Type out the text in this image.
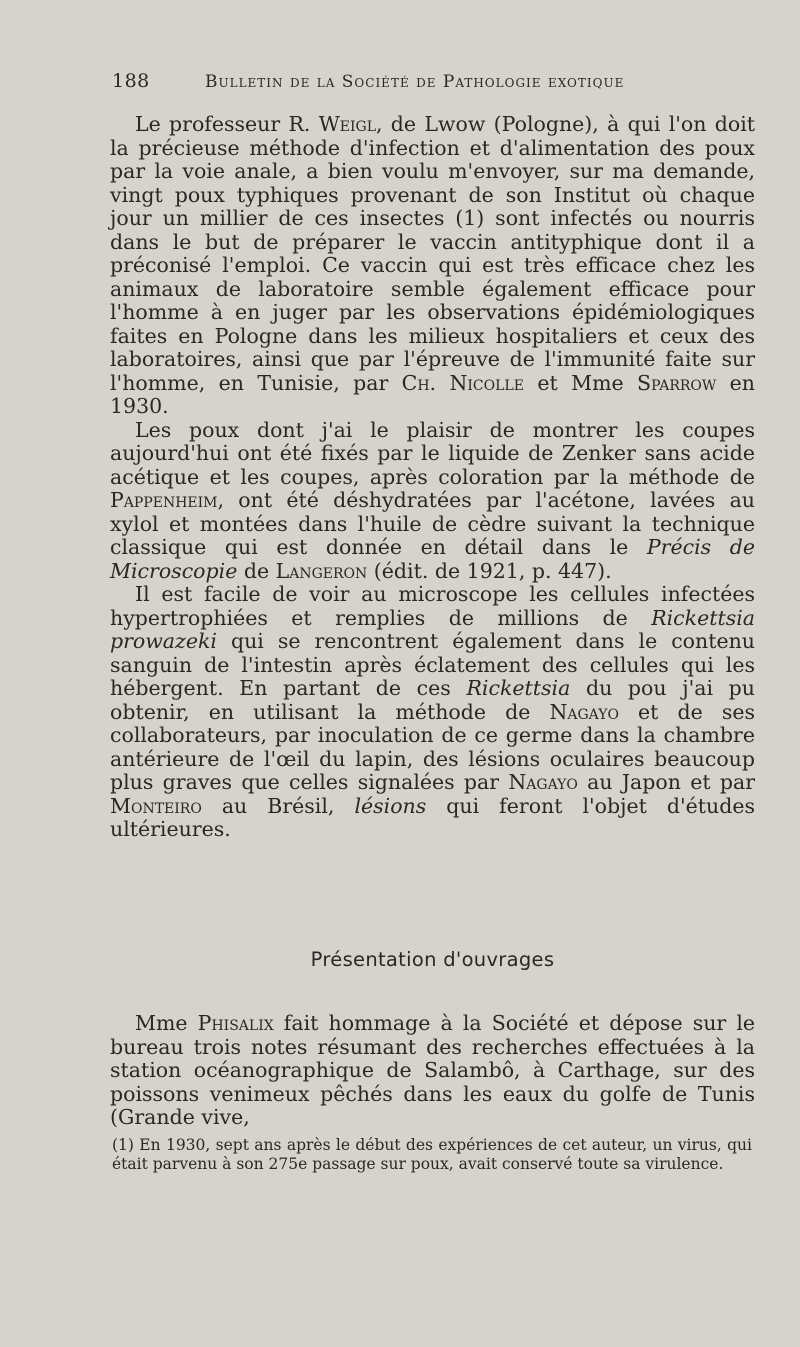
188	Bulletin de la Société de Pathologie exotique

Le professeur R. Weigl, de Lwow (Pologne), à qui l'on doit la précieuse méthode d'infection et d'alimentation des poux par la voie anale, a bien voulu m'envoyer, sur ma demande, vingt poux typhiques provenant de son Institut où chaque jour un millier de ces insectes (1) sont infectés ou nourris dans le but de préparer le vaccin antityphique dont il a préconisé l'emploi. Ce vaccin qui est très efficace chez les animaux de laboratoire semble également efficace pour l'homme à en juger par les observations épidémiologiques faites en Pologne dans les milieux hospitaliers et ceux des laboratoires, ainsi que par l'épreuve de l'immunité faite sur l'homme, en Tunisie, par Ch. Nicolle et Mme Sparrow en 1930.

Les poux dont j'ai le plaisir de montrer les coupes aujourd'hui ont été fixés par le liquide de Zenker sans acide acétique et les coupes, après coloration par la méthode de Pappenheim, ont été déshydratées par l'acétone, lavées au xylol et montées dans l'huile de cèdre suivant la technique classique qui est donnée en détail dans le Précis de Microscopie de Langeron (édit. de 1921, p. 447).

Il est facile de voir au microscope les cellules infectées hypertrophiées et remplies de millions de Rickettsia prowazeki qui se rencontrent également dans le contenu sanguin de l'intestin après éclatement des cellules qui les hébergent. En partant de ces Rickettsia du pou j'ai pu obtenir, en utilisant la méthode de Nagayo et de ses collaborateurs, par inoculation de ce germe dans la chambre antérieure de l'œil du lapin, des lésions oculaires beaucoup plus graves que celles signalées par Nagayo au Japon et par Monteiro au Brésil, lésions qui feront l'objet d'études ultérieures.

Présentation d'ouvrages

Mme Phisalix fait hommage à la Société et dépose sur le bureau trois notes résumant des recherches effectuées à la station océanographique de Salambô, à Carthage, sur des poissons venimeux pêchés dans les eaux du golfe de Tunis (Grande vive,

(1) En 1930, sept ans après le début des expériences de cet auteur, un virus, qui était parvenu à son 275e passage sur poux, avait conservé toute sa virulence.
